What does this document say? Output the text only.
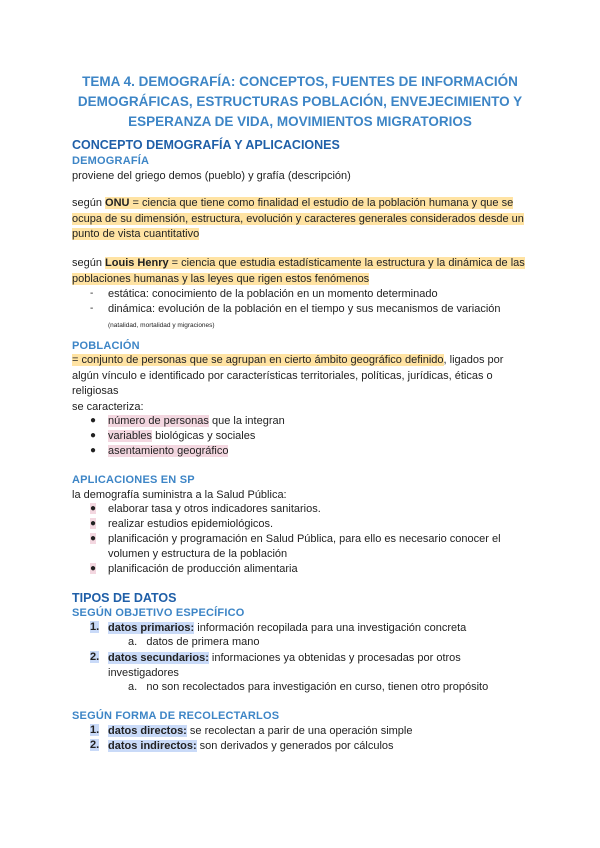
TEMA 4. DEMOGRAFÍA: CONCEPTOS, FUENTES DE INFORMACIÓN DEMOGRÁFICAS, ESTRUCTURAS POBLACIÓN, ENVEJECIMIENTO Y ESPERANZA DE VIDA, MOVIMIENTOS MIGRATORIOS
CONCEPTO DEMOGRAFÍA Y APLICACIONES
DEMOGRAFÍA
proviene del griego demos (pueblo) y grafía (descripción)
según ONU = ciencia que tiene como finalidad el estudio de la población humana y que se ocupa de su dimensión, estructura, evolución y caracteres generales considerados desde un punto de vista cuantitativo
según Louis Henry = ciencia que estudia estadísticamente la estructura y la dinámica de las poblaciones humanas y las leyes que rigen estos fenómenos
- estática: conocimiento de la población en un momento determinado
- dinámica: evolución de la población en el tiempo y sus mecanismos de variación
(natalidad, mortalidad y migraciones)
POBLACIÓN
= conjunto de personas que se agrupan en cierto ámbito geográfico definido, ligados por algún vínculo e identificado por características territoriales, políticas, jurídicas, éticas o religiosas
se caracteriza:
● número de personas que la integran
● variables biológicas y sociales
● asentamiento geográfico
APLICACIONES EN SP
la demografía suministra a la Salud Pública:
● elaborar tasa y otros indicadores sanitarios.
● realizar estudios epidemiológicos.
● planificación y programación en Salud Pública, para ello es necesario conocer el volumen y estructura de la población
● planificación de producción alimentaria
TIPOS DE DATOS
SEGÚN OBJETIVO ESPECÍFICO
1. datos primarios: información recopilada para una investigación concreta
a. datos de primera mano
2. datos secundarios: informaciones ya obtenidas y procesadas por otros investigadores
a. no son recolectados para investigación en curso, tienen otro propósito
SEGÚN FORMA DE RECOLECTARLOS
1. datos directos: se recolectan a parir de una operación simple
2. datos indirectos: son derivados y generados por cálculos
